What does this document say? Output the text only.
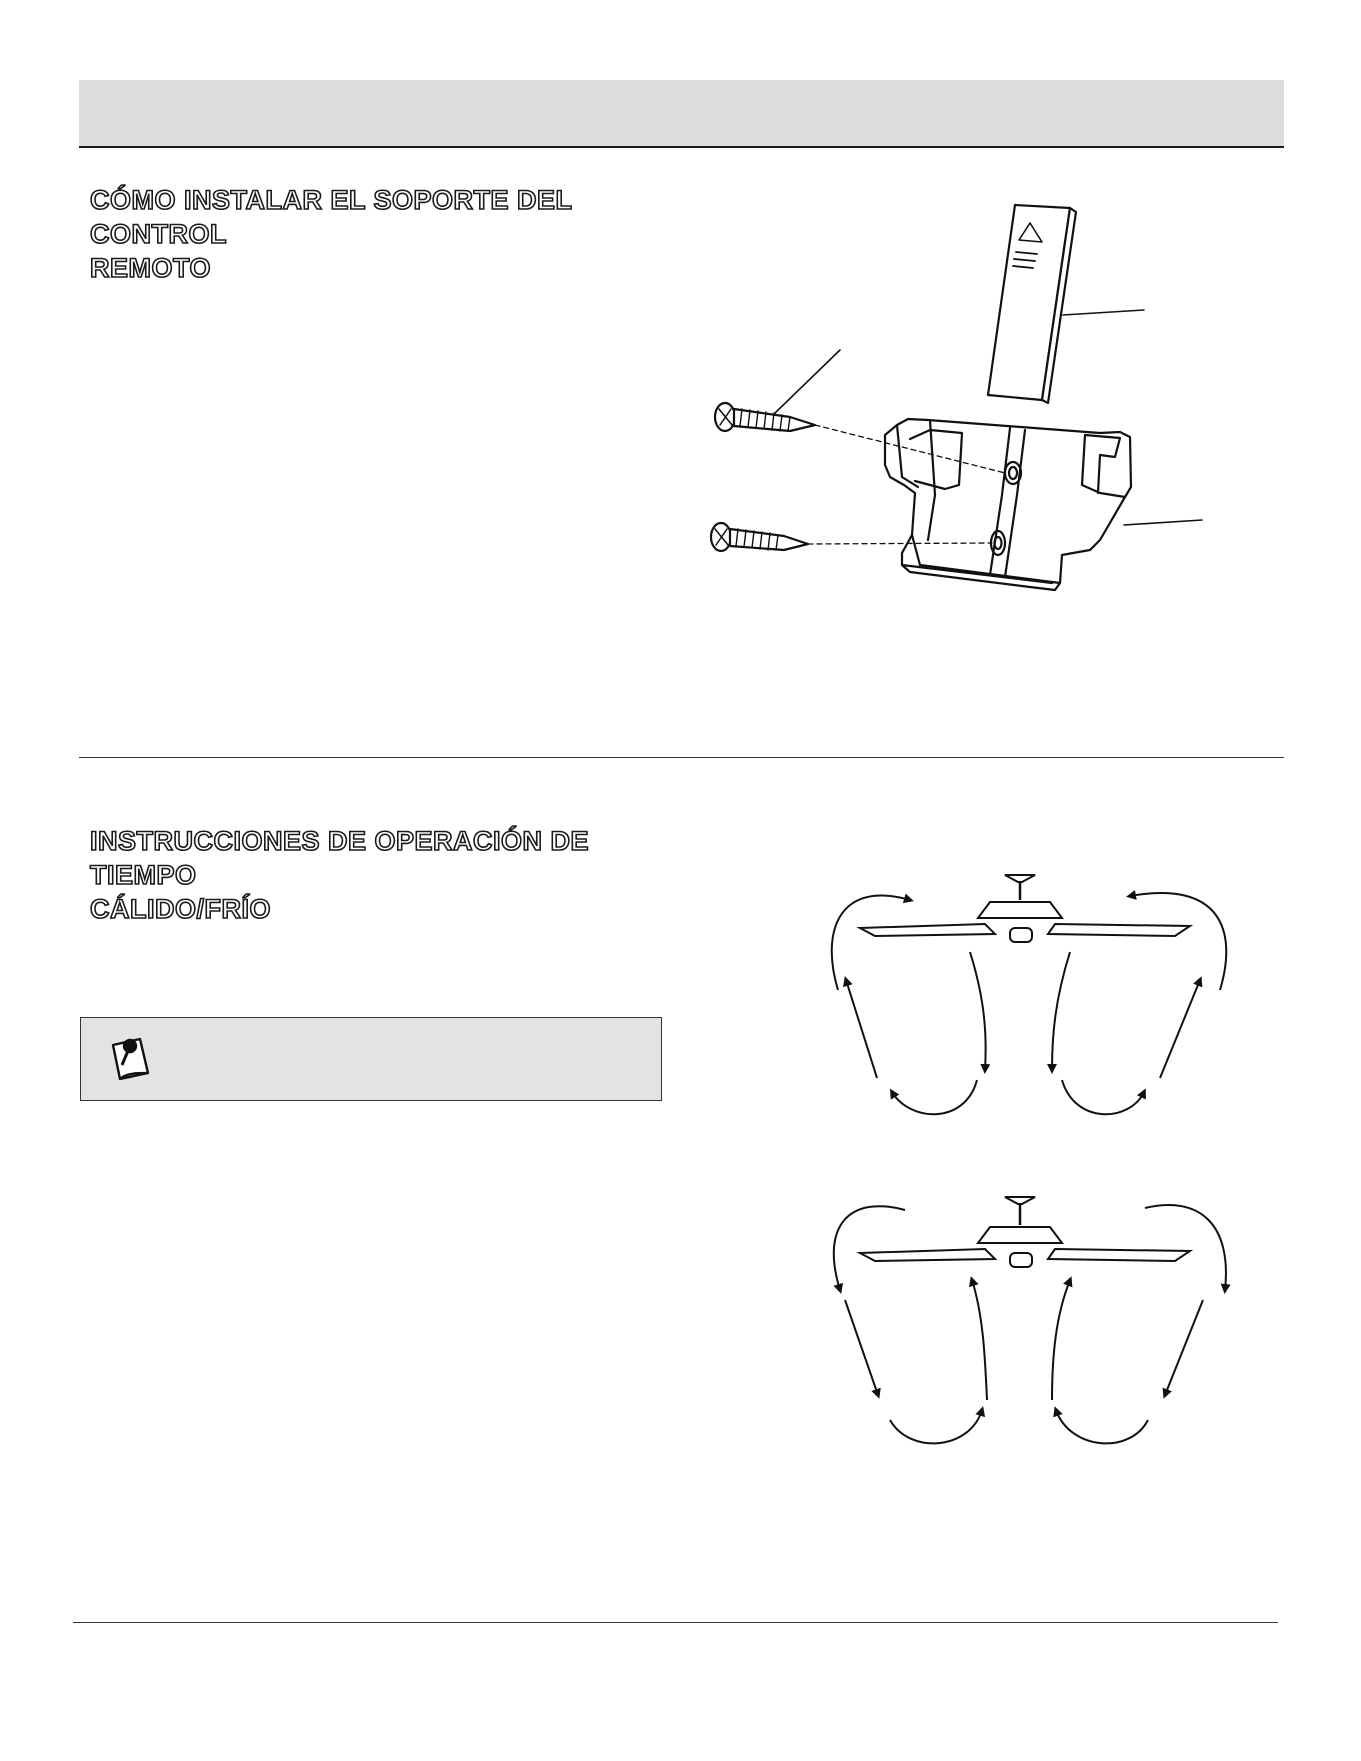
CÓMO INSTALAR EL SOPORTE DEL CONTROL
REMOTO
INSTRUCCIONES DE OPERACIÓN DE TIEMPO
CÁLIDO/FRÍO
